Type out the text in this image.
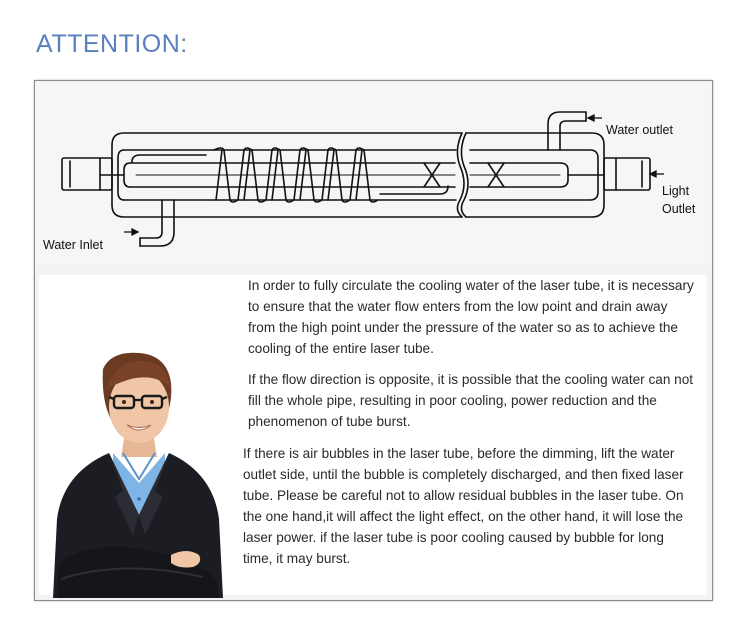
ATTENTION:
Water outlet
Light
Outlet
Water Inlet

In order to fully circulate the cooling water of the laser tube, it is necessary to ensure that the water flow enters from the low point and drain away from the high point under the pressure of the water so as to achieve the cooling of the entire laser tube.

If the flow direction is opposite, it is possible that the cooling water can not fill the whole pipe, resulting in poor cooling, power reduction and the phenomenon of tube burst.

If there is air bubbles in the laser tube, before the dimming, lift the water outlet side, until the bubble is completely discharged, and then fixed laser tube. Please be careful not to allow residual bubbles in the laser tube. On the one hand,it will affect the light effect, on the other hand, it will lose the laser power. if the laser tube is poor cooling caused by bubble for long time, it may burst.
